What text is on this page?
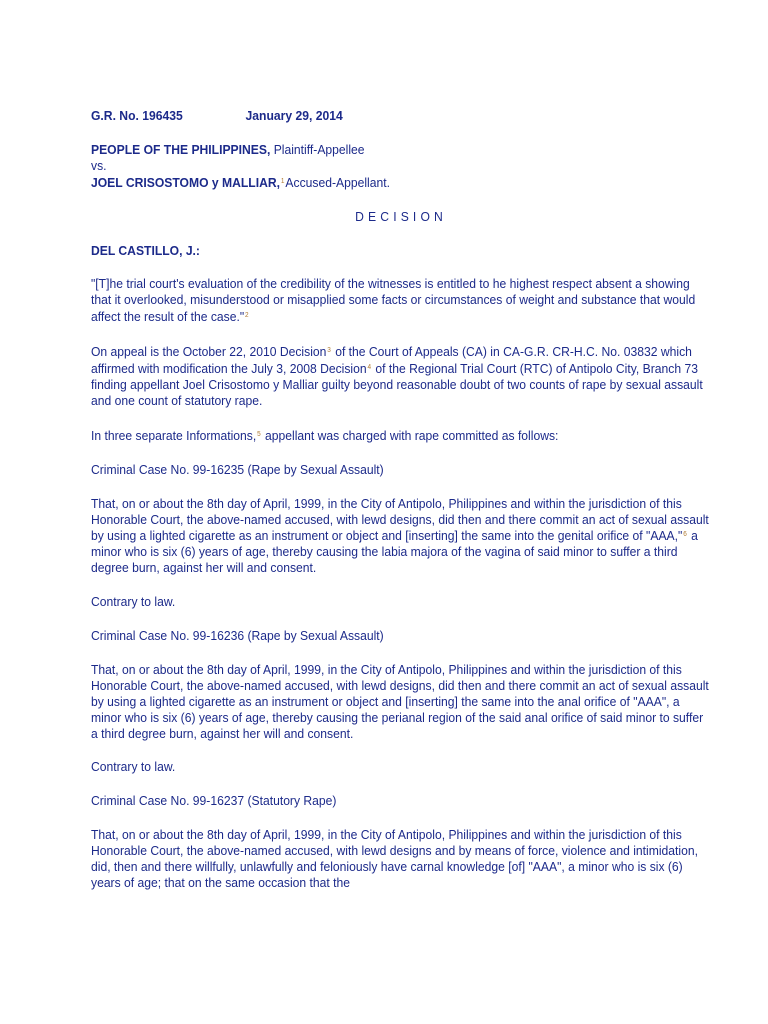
G.R. No. 196435	January 29, 2014

PEOPLE OF THE PHILIPPINES, Plaintiff-Appellee
vs.
JOEL CRISOSTOMO y MALLIAR,$^1$Accused-Appellant.

DECISION

DEL CASTILLO, J.:

"[T]he trial court's evaluation of the credibility of the witnesses is entitled to he highest respect absent a showing that it overlooked, misunderstood or misapplied some facts or circumstances of weight and substance that would affect the result of the case."$^2$

On appeal is the October 22, 2010 Decision$^3$ of the Court of Appeals (CA) in CA-G.R. CR-H.C. No. 03832 which affirmed with modification the July 3, 2008 Decision$^4$ of the Regional Trial Court (RTC) of Antipolo City, Branch 73 finding appellant Joel Crisostomo y Malliar guilty beyond reasonable doubt of two counts of rape by sexual assault and one count of statutory rape.

In three separate Informations,$^5$ appellant was charged with rape committed as follows:

Criminal Case No. 99-16235 (Rape by Sexual Assault)

That, on or about the 8th day of April, 1999, in the City of Antipolo, Philippines and within the jurisdiction of this Honorable Court, the above-named accused, with lewd designs, did then and there commit an act of sexual assault by using a lighted cigarette as an instrument or object and [inserting] the same into the genital orifice of "AAA,"$^6$ a minor who is six (6) years of age, thereby causing the labia majora of the vagina of said minor to suffer a third degree burn, against her will and consent.

Contrary to law.

Criminal Case No. 99-16236 (Rape by Sexual Assault)

That, on or about the 8th day of April, 1999, in the City of Antipolo, Philippines and within the jurisdiction of this Honorable Court, the above-named accused, with lewd designs, did then and there commit an act of sexual assault by using a lighted cigarette as an instrument or object and [inserting] the same into the anal orifice of "AAA", a minor who is six (6) years of age, thereby causing the perianal region of the said anal orifice of said minor to suffer a third degree burn, against her will and consent.

Contrary to law.

Criminal Case No. 99-16237 (Statutory Rape)

That, on or about the 8th day of April, 1999, in the City of Antipolo, Philippines and within the jurisdiction of this Honorable Court, the above-named accused, with lewd designs and by means of force, violence and intimidation, did, then and there willfully, unlawfully and feloniously have carnal knowledge [of] "AAA", a minor who is six (6) years of age; that on the same occasion that the
